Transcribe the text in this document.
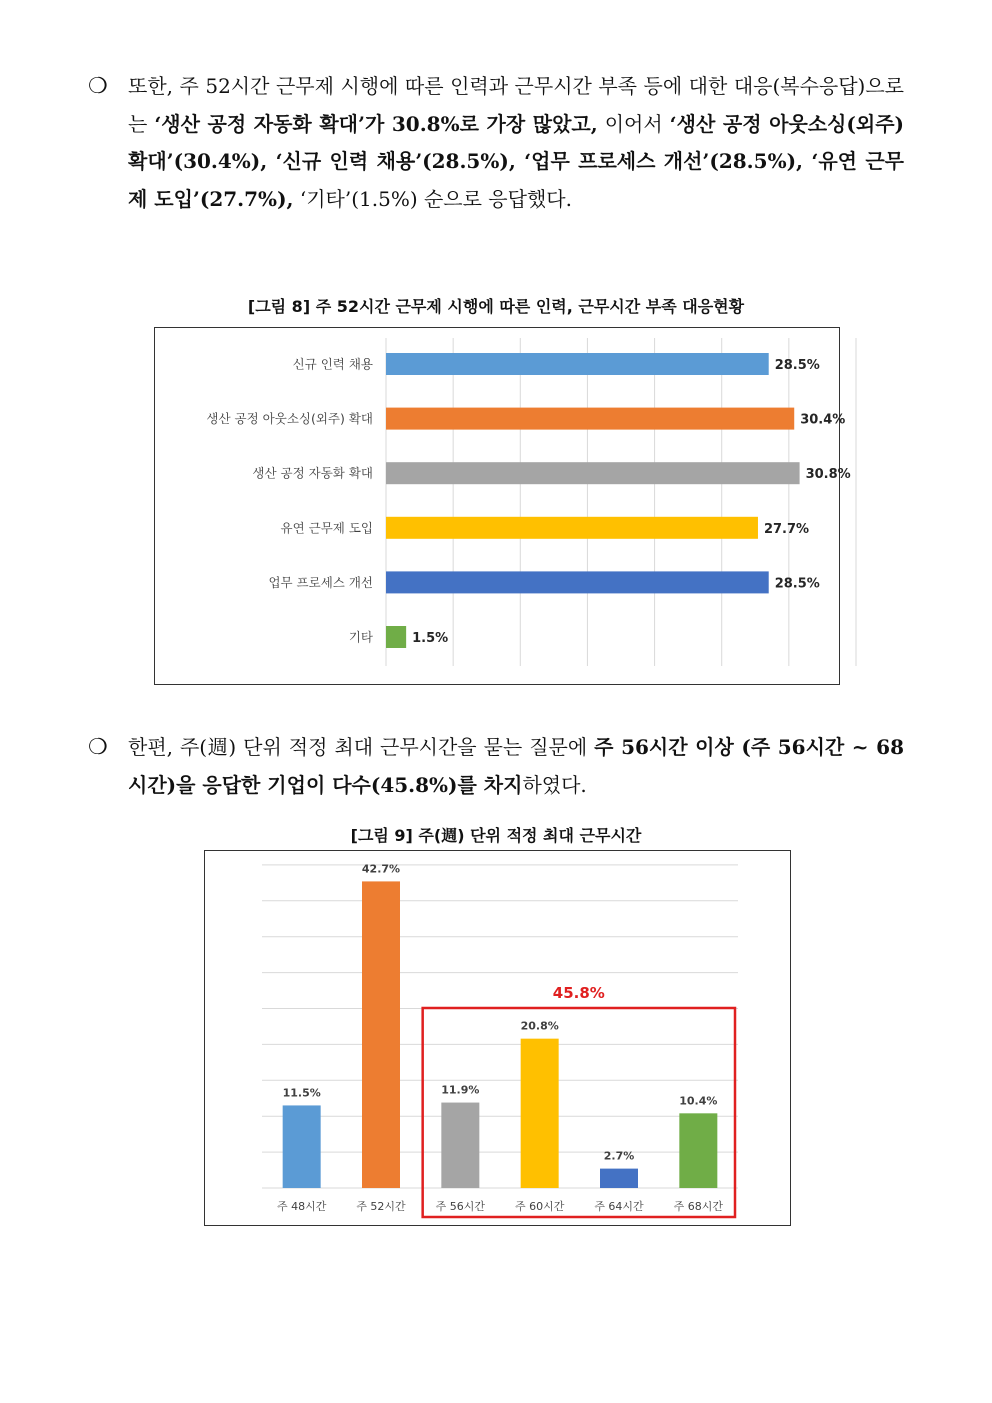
❍ 또한, 주 52시간 근무제 시행에 따른 인력과 근무시간 부족 등에 대한 대응(복수응답)으로는 ‘생산 공정 자동화 확대’가 30.8%로 가장 많았고, 이어서 ‘생산 공정 아웃소싱(외주) 확대’(30.4%), ‘신규 인력 채용’(28.5%), ‘업무 프로세스 개선’(28.5%), ‘유연 근무제 도입’(27.7%), ‘기타’(1.5%) 순으로 응답했다.
[그림 8] 주 52시간 근무제 시행에 따른 인력, 근무시간 부족 대응현황
신규 인력 채용	28.5%
생산 공정 아웃소싱(외주) 확대	30.4%
생산 공정 자동화 확대	30.8%
유연 근무제 도입	27.7%
업무 프로세스 개선	28.5%
기타	1.5%
❍ 한편, 주(週) 단위 적정 최대 근무시간을 묻는 질문에 주 56시간 이상 (주 56시간 ~ 68시간)을 응답한 기업이 다수(45.8%)를 차지하였다.
[그림 9] 주(週) 단위 적정 최대 근무시간
11.5%
주 48시간
42.7%
주 52시간
11.9%
주 56시간
20.8%
주 60시간
2.7%
주 64시간
10.4%
주 68시간
45.8%
